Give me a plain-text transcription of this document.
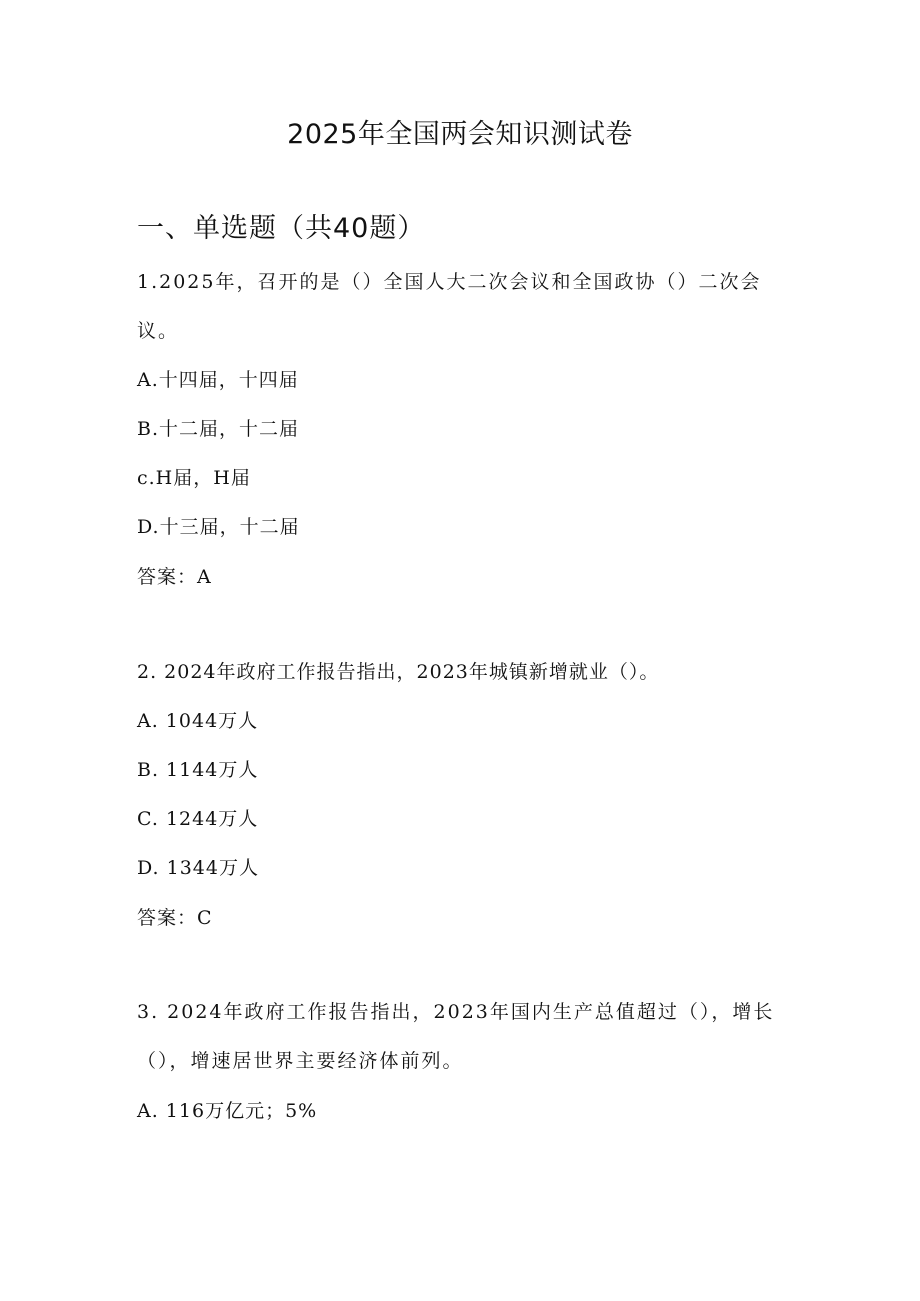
2025年全国两会知识测试卷
一、单选题（共40题）
1.2025年，召开的是（）全国人大二次会议和全国政协（）二次会议。
A.十四届，十四届
B.十二届，十二届
c.H届，H届
D.十三届，十二届
答案：A
2. 2024年政府工作报告指出，2023年城镇新增就业（）。
A. 1044万人
B. 1144万人
C. 1244万人
D. 1344万人
答案：C
3. 2024年政府工作报告指出，2023年国内生产总值超过（），增长（），增速居世界主要经济体前列。
A. 116万亿元；5%
